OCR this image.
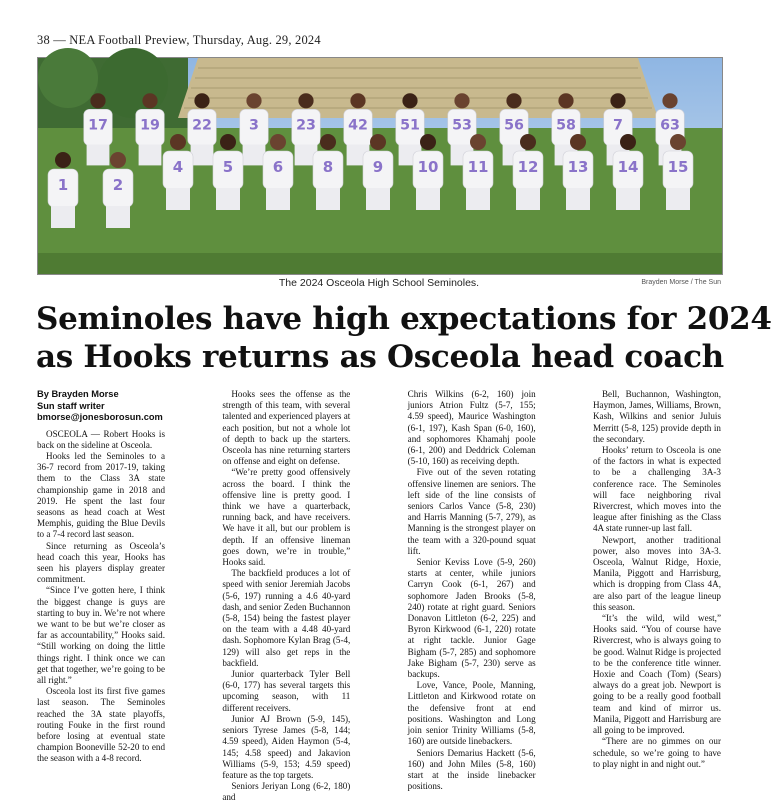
38 — NEA Football Preview, Thursday, Aug. 29, 2024
17 19 22	3	23 42 51 53 56 58	7	63
4	5	6	8	9 10 11 12 13 14 15
1	2
The 2024 Osceola High School Seminoles.	Brayden Morse / The Sun
Seminoles have high expectations for 2024
as Hooks returns as Osceola head coach
By Brayden Morse
Sun staff writer
bmorse@jonesborosun.com

OSCEOLA — Robert Hooks is back on the sideline at Osceola.

Hooks led the Seminoles to a 36-7 record from 2017-19, taking them to the Class 3A state championship game in 2018 and 2019. He spent the last four seasons as head coach at West Memphis, guiding the Blue Devils to a 7-4 record last season.

Since returning as Osceola’s head coach this year, Hooks has seen his players display greater commitment.

“Since I’ve gotten here, I think the biggest change is guys are starting to buy in. We’re not where we want to be but we’re closer as far as accountability,” Hooks said. “Still working on doing the little things right. I think once we can get that together, we’re going to be all right.”

Osceola lost its first five games last season. The Seminoles reached the 3A state playoffs, routing Fouke in the first round before losing at eventual state champion Booneville 52-20 to end the season with a 4-8 record.

Hooks sees the offense as the strength of this team, with several talented and experienced players at each position, but not a whole lot of depth to back up the starters. Osceola has nine returning starters on offense and eight on defense.

“We’re pretty good offensively across the board. I think the offensive line is pretty good. I think we have a quarterback, running back, and have receivers. We have it all, but our problem is depth. If an offensive lineman goes down, we’re in trouble,” Hooks said.

The backfield produces a lot of speed with senior Jeremiah Jacobs (5-6, 197) running a 4.6 40-yard dash, and senior Zeden Buchannon (5-8, 154) being the fastest player on the team with a 4.48 40-yard dash. Sophomore Kylan Brag (5-4, 129) will also get reps in the backfield.

Junior quarterback Tyler Bell (6-0, 177) has several targets this upcoming season, with 11 different receivers.

Junior AJ Brown (5-9, 145), seniors Tyrese James (5-8, 144; 4.59 speed), Aiden Haymon (5-4, 145; 4.58 speed) and Jakavion Williams (5-9, 153; 4.59 speed) feature as the top targets.

Seniors Jeriyan Long (6-2, 180) and

Chris Wilkins (6-2, 160) join juniors Atrion Fultz (5-7, 155; 4.59 speed), Maurice Washington (6-1, 197), Kash Span (6-0, 160), and sophomores Khamahj poole (6-1, 200) and Deddrick Coleman (5-10, 160) as receiving depth.

Five out of the seven rotating offensive linemen are seniors. The left side of the line consists of seniors Carlos Vance (5-8, 230) and Harris Manning (5-7, 279), as Manning is the strongest player on the team with a 320-pound squat lift.

Senior Keviss Love (5-9, 260) starts at center, while juniors Carryn Cook (6-1, 267) and sophomore Jaden Brooks (5-8, 240) rotate at right guard. Seniors Donavon Littleton (6-2, 225) and Byron Kirkwood (6-1, 220) rotate at right tackle. Junior Gage Bigham (5-7, 285) and sophomore Jake Bigham (5-7, 230) serve as backups.

Love, Vance, Poole, Manning, Littleton and Kirkwood rotate on the defensive front at end positions. Washington and Long join senior Trinity Williams (5-8, 160) are outside linebackers.

Seniors Demarius Hackett (5-6, 160) and John Miles (5-8, 160) start at the inside linebacker positions.

Bell, Buchannon, Washington, Haymon, James, Williams, Brown, Kash, Wilkins and senior Juluis Merritt (5-8, 125) provide depth in the secondary.

Hooks’ return to Osceola is one of the factors in what is expected to be a challenging 3A-3 conference race. The Seminoles will face neighboring rival Rivercrest, which moves into the league after finishing as the Class 4A state runner-up last fall.

Newport, another traditional power, also moves into 3A-3. Osceola, Walnut Ridge, Hoxie, Manila, Piggott and Harrisburg, which is dropping from Class 4A, are also part of the league lineup this season.

“It’s the wild, wild west,” Hooks said. “You of course have Rivercrest, who is always going to be good. Walnut Ridge is projected to be the conference title winner. Hoxie and Coach (Tom) (Sears) always do a great job. Newport is going to be a really good football team and kind of mirror us. Manila, Piggott and Harrisburg are all going to be improved.

“There are no gimmes on our schedule, so we’re going to have to play night in and night out.”
